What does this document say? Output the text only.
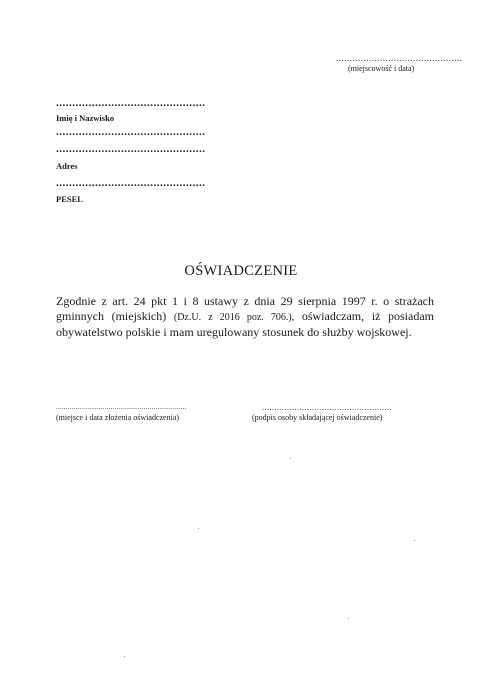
..............................................
(miejscowość i data)
..............................................
Imię i Nazwisko
..............................................
..............................................
Adres
..............................................
PESEL
OŚWIADCZENIE
Zgodnie z art. 24 pkt 1 i 8 ustawy z dnia 29 sierpnia 1997 r. o strażach
gminnych (miejskich) (Dz.U. z 2016 poz. 706.), oświadczam, iż posiadam
obywatelstwo polskie i mam uregulowany stosunek do służby wojskowej.
...................................................................
(miejsce i data złożenia oświadczenia)
....................................................
(podpis osoby składającej oświadczenie)
